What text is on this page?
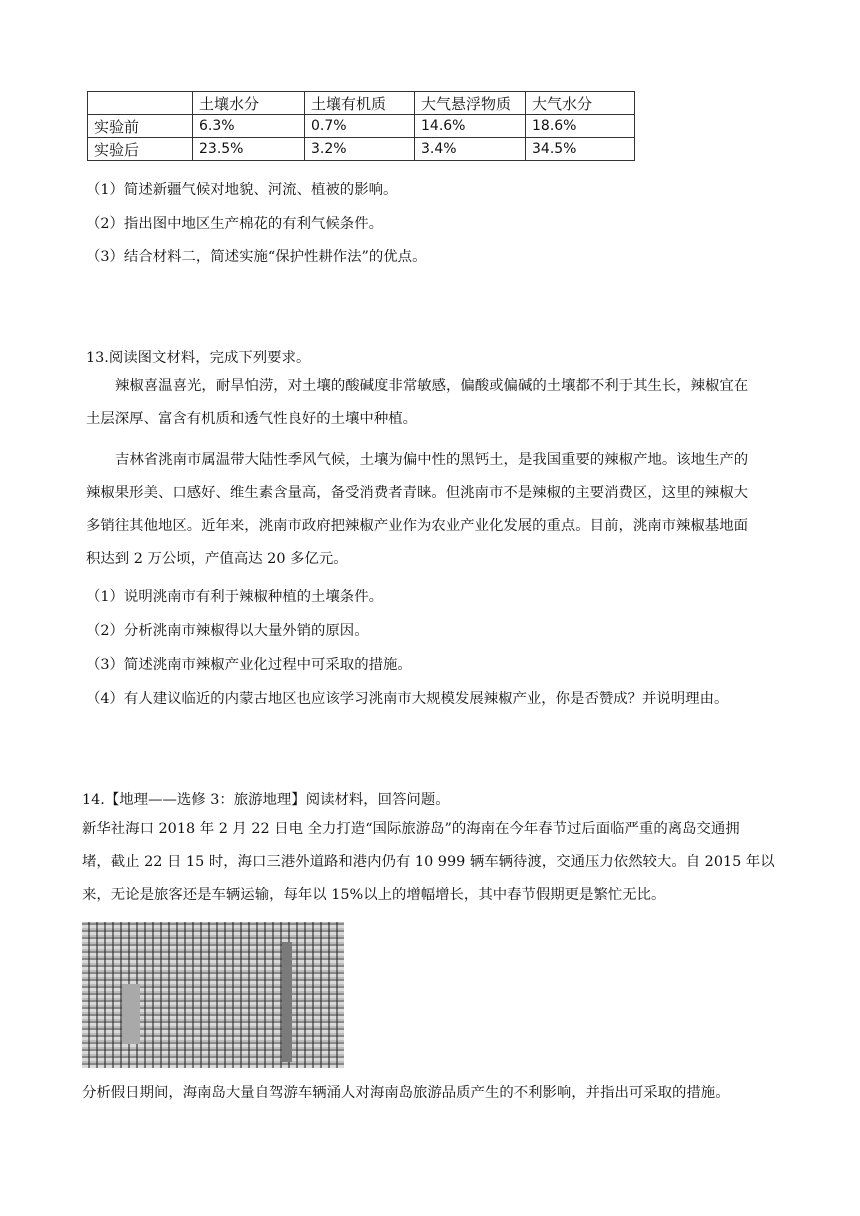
	土壤水分	土壤有机质	大气悬浮物质	大气水分
实验前	6.3%	0.7%	14.6%	18.6%
实验后	23.5%	3.2%	3.4%	34.5%
（1）简述新疆气候对地貌、河流、植被的影响。
（2）指出图中地区生产棉花的有利气候条件。
（3）结合材料二，简述实施“保护性耕作法”的优点。
13.阅读图文材料，完成下列要求。
辣椒喜温喜光，耐旱怕涝，对土壤的酸碱度非常敏感，偏酸或偏碱的土壤都不利于其生长，辣椒宜在
土层深厚、富含有机质和透气性良好的土壤中种植。
吉林省洮南市属温带大陆性季风气候，土壤为偏中性的黑钙土，是我国重要的辣椒产地。该地生产的
辣椒果形美、口感好、维生素含量高，备受消费者青睐。但洮南市不是辣椒的主要消费区，这里的辣椒大
多销往其他地区。近年来，洮南市政府把辣椒产业作为农业产业化发展的重点。目前，洮南市辣椒基地面
积达到 2 万公顷，产值高达 20 多亿元。
（1）说明洮南市有利于辣椒种植的土壤条件。
（2）分析洮南市辣椒得以大量外销的原因。
（3）简述洮南市辣椒产业化过程中可采取的措施。
（4）有人建议临近的内蒙古地区也应该学习洮南市大规模发展辣椒产业，你是否赞成？并说明理由。
14.【地理——选修 3：旅游地理】阅读材料，回答问题。
新华社海口 2018 年 2 月 22 日电 全力打造“国际旅游岛”的海南在今年春节过后面临严重的离岛交通拥
堵，截止 22 日 15 时，海口三港外道路和港内仍有 10 999 辆车辆待渡，交通压力依然较大。自 2015 年以
来，无论是旅客还是车辆运输，每年以 15%以上的增幅增长，其中春节假期更是繁忙无比。
分析假日期间，海南岛大量自驾游车辆涌人对海南岛旅游品质产生的不利影响，并指出可采取的措施。
